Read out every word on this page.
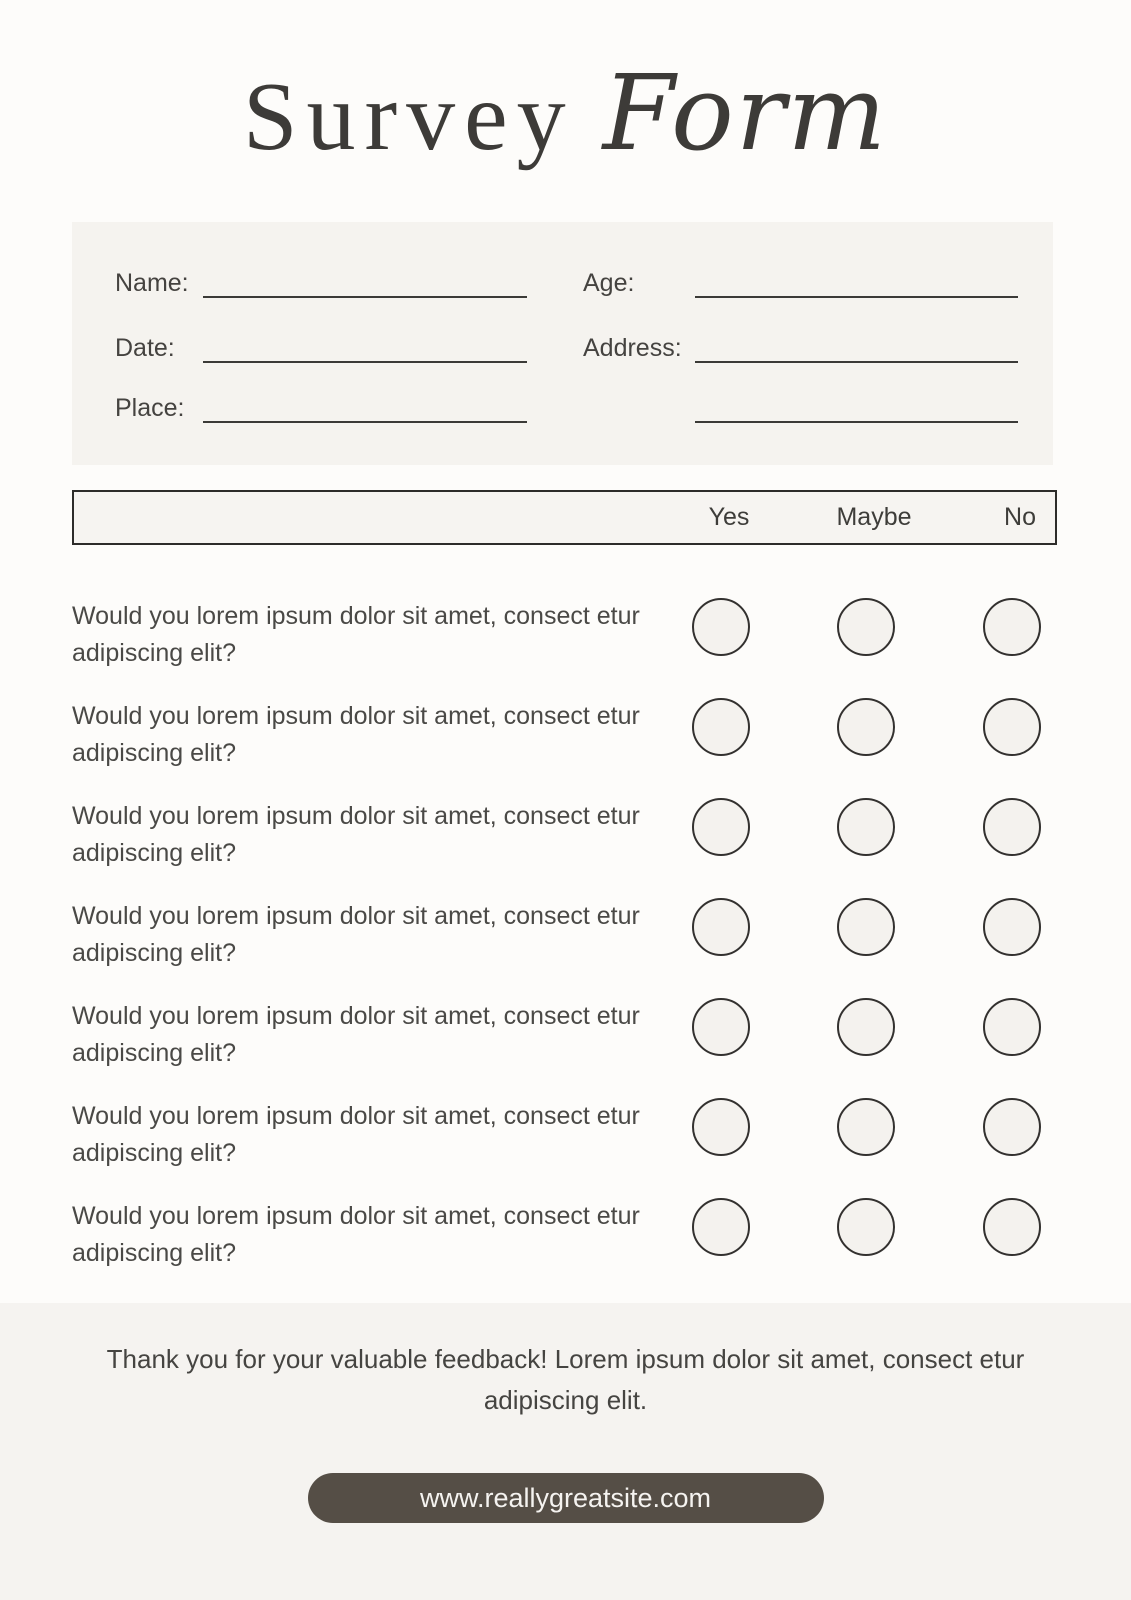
Survey Form
Name:
Date:
Place:
Age:
Address:
Yes	Maybe	No
Would you lorem ipsum dolor sit amet, consect etur adipiscing elit?
Would you lorem ipsum dolor sit amet, consect etur adipiscing elit?
Would you lorem ipsum dolor sit amet, consect etur adipiscing elit?
Would you lorem ipsum dolor sit amet, consect etur adipiscing elit?
Would you lorem ipsum dolor sit amet, consect etur adipiscing elit?
Would you lorem ipsum dolor sit amet, consect etur adipiscing elit?
Would you lorem ipsum dolor sit amet, consect etur adipiscing elit?

Thank you for your valuable feedback! Lorem ipsum dolor sit amet, consect etur adipiscing elit.

www.reallygreatsite.com
